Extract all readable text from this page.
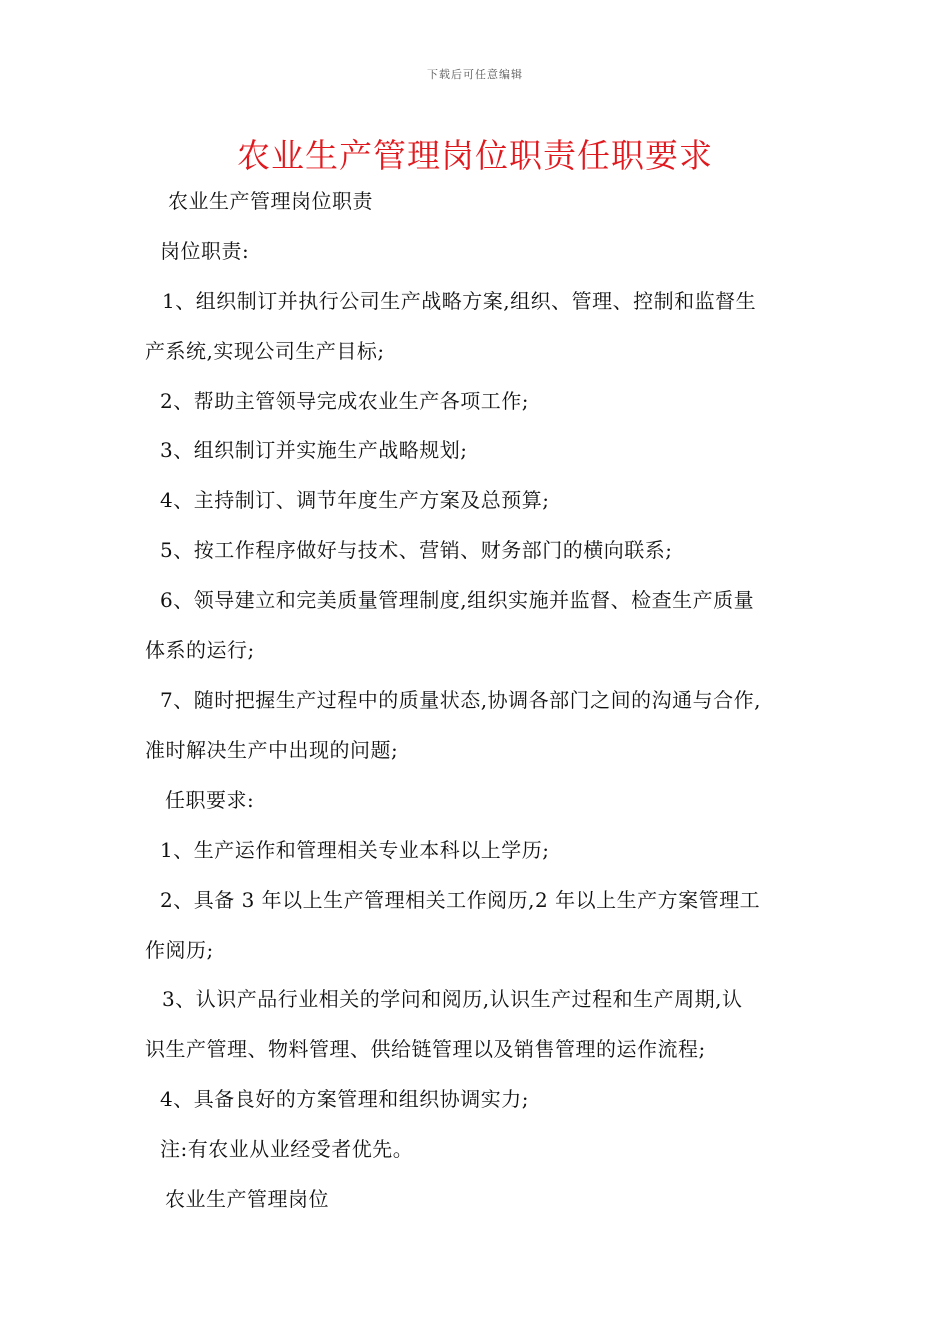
下载后可任意编辑
农业生产管理岗位职责任职要求
农业生产管理岗位职责
岗位职责:
1、组织制订并执行公司生产战略方案,组织、管理、控制和监督生
产系统,实现公司生产目标;
2、帮助主管领导完成农业生产各项工作;
3、组织制订并实施生产战略规划;
4、主持制订、调节年度生产方案及总预算;
5、按工作程序做好与技术、营销、财务部门的横向联系;
6、领导建立和完美质量管理制度,组织实施并监督、检查生产质量
体系的运行;
7、随时把握生产过程中的质量状态,协调各部门之间的沟通与合作,
准时解决生产中出现的问题;
任职要求:
1、生产运作和管理相关专业本科以上学历;
2、具备 3 年以上生产管理相关工作阅历,2 年以上生产方案管理工
作阅历;
3、认识产品行业相关的学问和阅历,认识生产过程和生产周期,认
识生产管理、物料管理、供给链管理以及销售管理的运作流程;
4、具备良好的方案管理和组织协调实力;
注:有农业从业经受者优先。
农业生产管理岗位
